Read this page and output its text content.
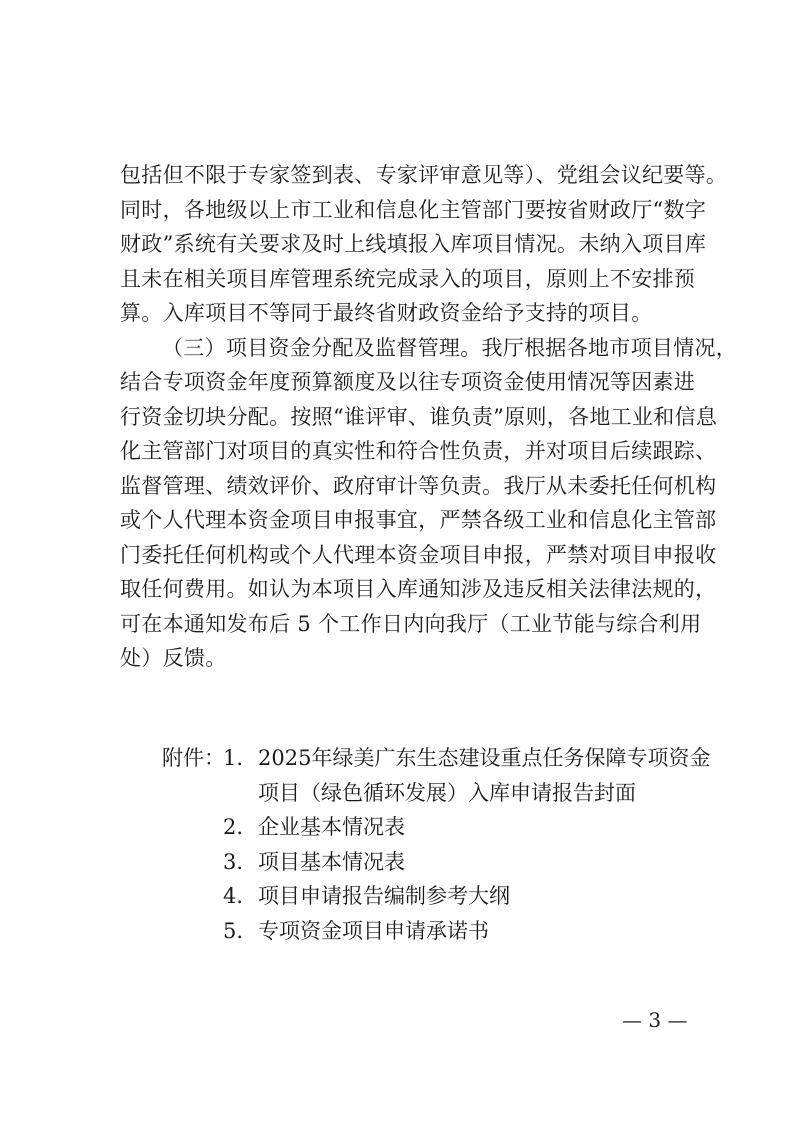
包括但不限于专家签到表、专家评审意见等）、党组会议纪要等。
同时，各地级以上市工业和信息化主管部门要按省财政厅“数字
财政”系统有关要求及时上线填报入库项目情况。未纳入项目库
且未在相关项目库管理系统完成录入的项目，原则上不安排预
算。入库项目不等同于最终省财政资金给予支持的项目。
（三）项目资金分配及监督管理。我厅根据各地市项目情况，
结合专项资金年度预算额度及以往专项资金使用情况等因素进
行资金切块分配。按照“谁评审、谁负责”原则，各地工业和信息
化主管部门对项目的真实性和符合性负责，并对项目后续跟踪、
监督管理、绩效评价、政府审计等负责。我厅从未委托任何机构
或个人代理本资金项目申报事宜，严禁各级工业和信息化主管部
门委托任何机构或个人代理本资金项目申报，严禁对项目申报收
取任何费用。如认为本项目入库通知涉及违反相关法律法规的，
可在本通知发布后 5 个工作日内向我厅（工业节能与综合利用
处）反馈。
附件：
1. 2025年绿美广东生态建设重点任务保障专项资金
项目（绿色循环发展）入库申请报告封面
2. 企业基本情况表
3. 项目基本情况表
4. 项目申请报告编制参考大纲
5. 专项资金项目申请承诺书
— 3 —
